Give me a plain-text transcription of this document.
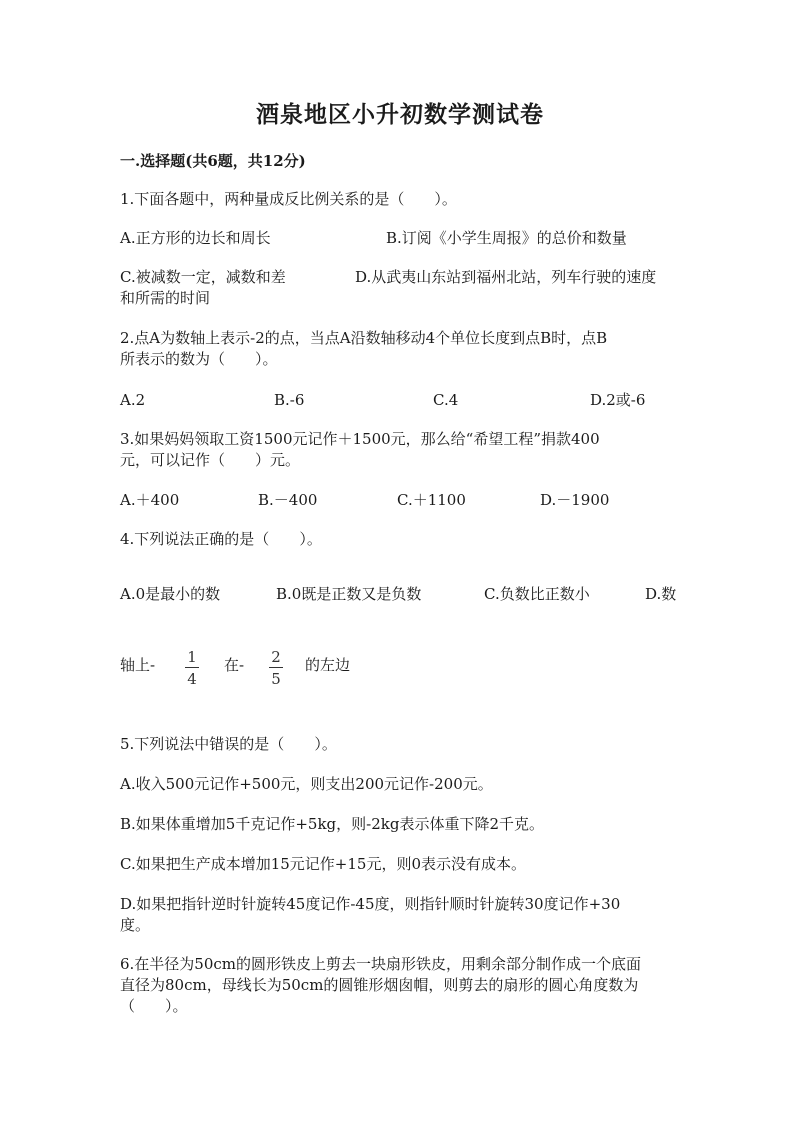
酒泉地区小升初数学测试卷
一.选择题(共6题，共12分)
1.下面各题中，两种量成反比例关系的是（　　）。
A.正方形的边长和周长	B.订阅《小学生周报》的总价和数量
C.被减数一定，减数和差	D.从武夷山东站到福州北站，列车行驶的速度
和所需的时间
2.点A为数轴上表示-2的点，当点A沿数轴移动4个单位长度到点B时，点B
所表示的数为（　　）。
A.2	B.-6	C.4	D.2或-6
3.如果妈妈领取工资1500元记作＋1500元，那么给“希望工程”捐款400
元，可以记作（　　）元。
A.＋400	B.－400	C.＋1100	D.－1900
4.下列说法正确的是（　　）。
A.0是最小的数	B.0既是正数又是负数	C.负数比正数小	D.数
轴上- 1
4
在- 2
5
的左边
5.下列说法中错误的是（　　）。
A.收入500元记作+500元，则支出200元记作-200元。
B.如果体重增加5千克记作+5kg，则-2kg表示体重下降2千克。
C.如果把生产成本增加15元记作+15元，则0表示没有成本。
D.如果把指针逆时针旋转45度记作-45度，则指针顺时针旋转30度记作+30
度。
6.在半径为50cm的圆形铁皮上剪去一块扇形铁皮，用剩余部分制作成一个底面
直径为80cm，母线长为50cm的圆锥形烟囱帽，则剪去的扇形的圆心角度数为
（　　）。
